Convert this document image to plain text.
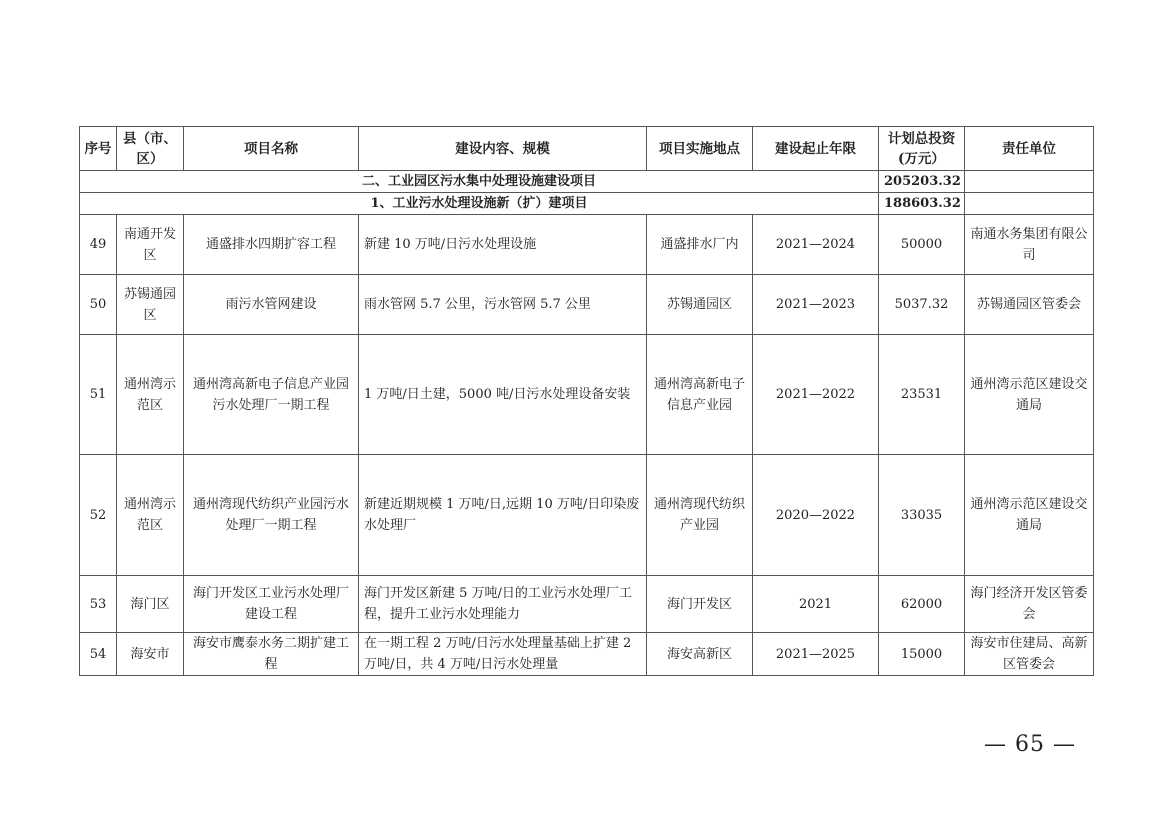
序号	县（市、区）	项目名称	建设内容、规模	项目实施地点	建设起止年限	计划总投资(万元）	责任单位
二、工业园区污水集中处理设施建设项目						205203.32	
1、工业污水处理设施新（扩）建项目						188603.32	
49	南通开发区	通盛排水四期扩容工程	新建 10 万吨/日污水处理设施	通盛排水厂内	2021—2024	50000	南通水务集团有限公司
50	苏锡通园区	雨污水管网建设	雨水管网 5.7 公里，污水管网 5.7 公里	苏锡通园区	2021—2023	5037.32	苏锡通园区管委会
51	通州湾示范区	通州湾高新电子信息产业园污水处理厂一期工程	1 万吨/日土建，5000 吨/日污水处理设备安装	通州湾高新电子信息产业园	2021—2022	23531	通州湾示范区建设交通局
52	通州湾示范区	通州湾现代纺织产业园污水处理厂一期工程	新建近期规模 1 万吨/日,远期 10 万吨/日印染废水处理厂	通州湾现代纺织产业园	2020—2022	33035	通州湾示范区建设交通局
53	海门区	海门开发区工业污水处理厂建设工程	海门开发区新建 5 万吨/日的工业污水处理厂工程，提升工业污水处理能力	海门开发区	2021	62000	海门经济开发区管委会
54	海安市	海安市鹰泰水务二期扩建工程	在一期工程 2 万吨/日污水处理量基础上扩建 2 万吨/日，共 4 万吨/日污水处理量	海安高新区	2021—2025	15000	海安市住建局、高新区管委会
— 65 —
